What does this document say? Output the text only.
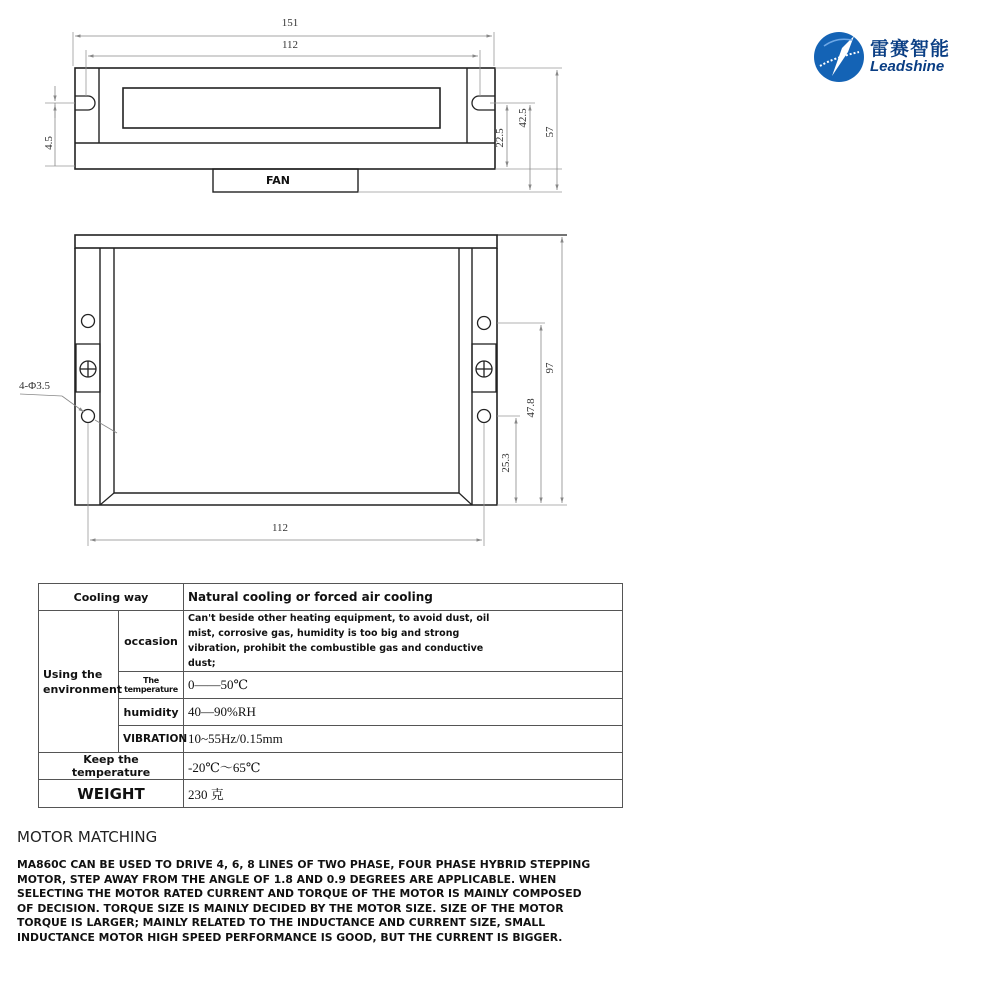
FAN
151
112
4.5	22.5
42.5
57
4-Φ3.5
25.3
47.8
97
112
雷赛智能
Leadshine
Cooling way		Natural cooling or forced air cooling
Using the environment	occasion	Can't beside other heating equipment, to avoid dust, oil mist, corrosive gas, humidity is too big and strong vibration, prohibit the combustible gas and conductive dust;
	The temperature	0——50℃
	humidity	40—90%RH
	VIBRATION	10~55Hz/0.15mm
Keep the temperature		-20℃～65℃
WEIGHT		230 克
MOTOR MATCHING
MA860C CAN BE USED TO DRIVE 4, 6, 8 LINES OF TWO PHASE, FOUR PHASE HYBRID STEPPING MOTOR, STEP AWAY FROM THE ANGLE OF 1.8 AND 0.9 DEGREES ARE APPLICABLE. WHEN SELECTING THE MOTOR RATED CURRENT AND TORQUE OF THE MOTOR IS MAINLY COMPOSED OF DECISION. TORQUE SIZE IS MAINLY DECIDED BY THE MOTOR SIZE. SIZE OF THE MOTOR TORQUE IS LARGER; MAINLY RELATED TO THE INDUCTANCE AND CURRENT SIZE, SMALL INDUCTANCE MOTOR HIGH SPEED PERFORMANCE IS GOOD, BUT THE CURRENT IS BIGGER.
